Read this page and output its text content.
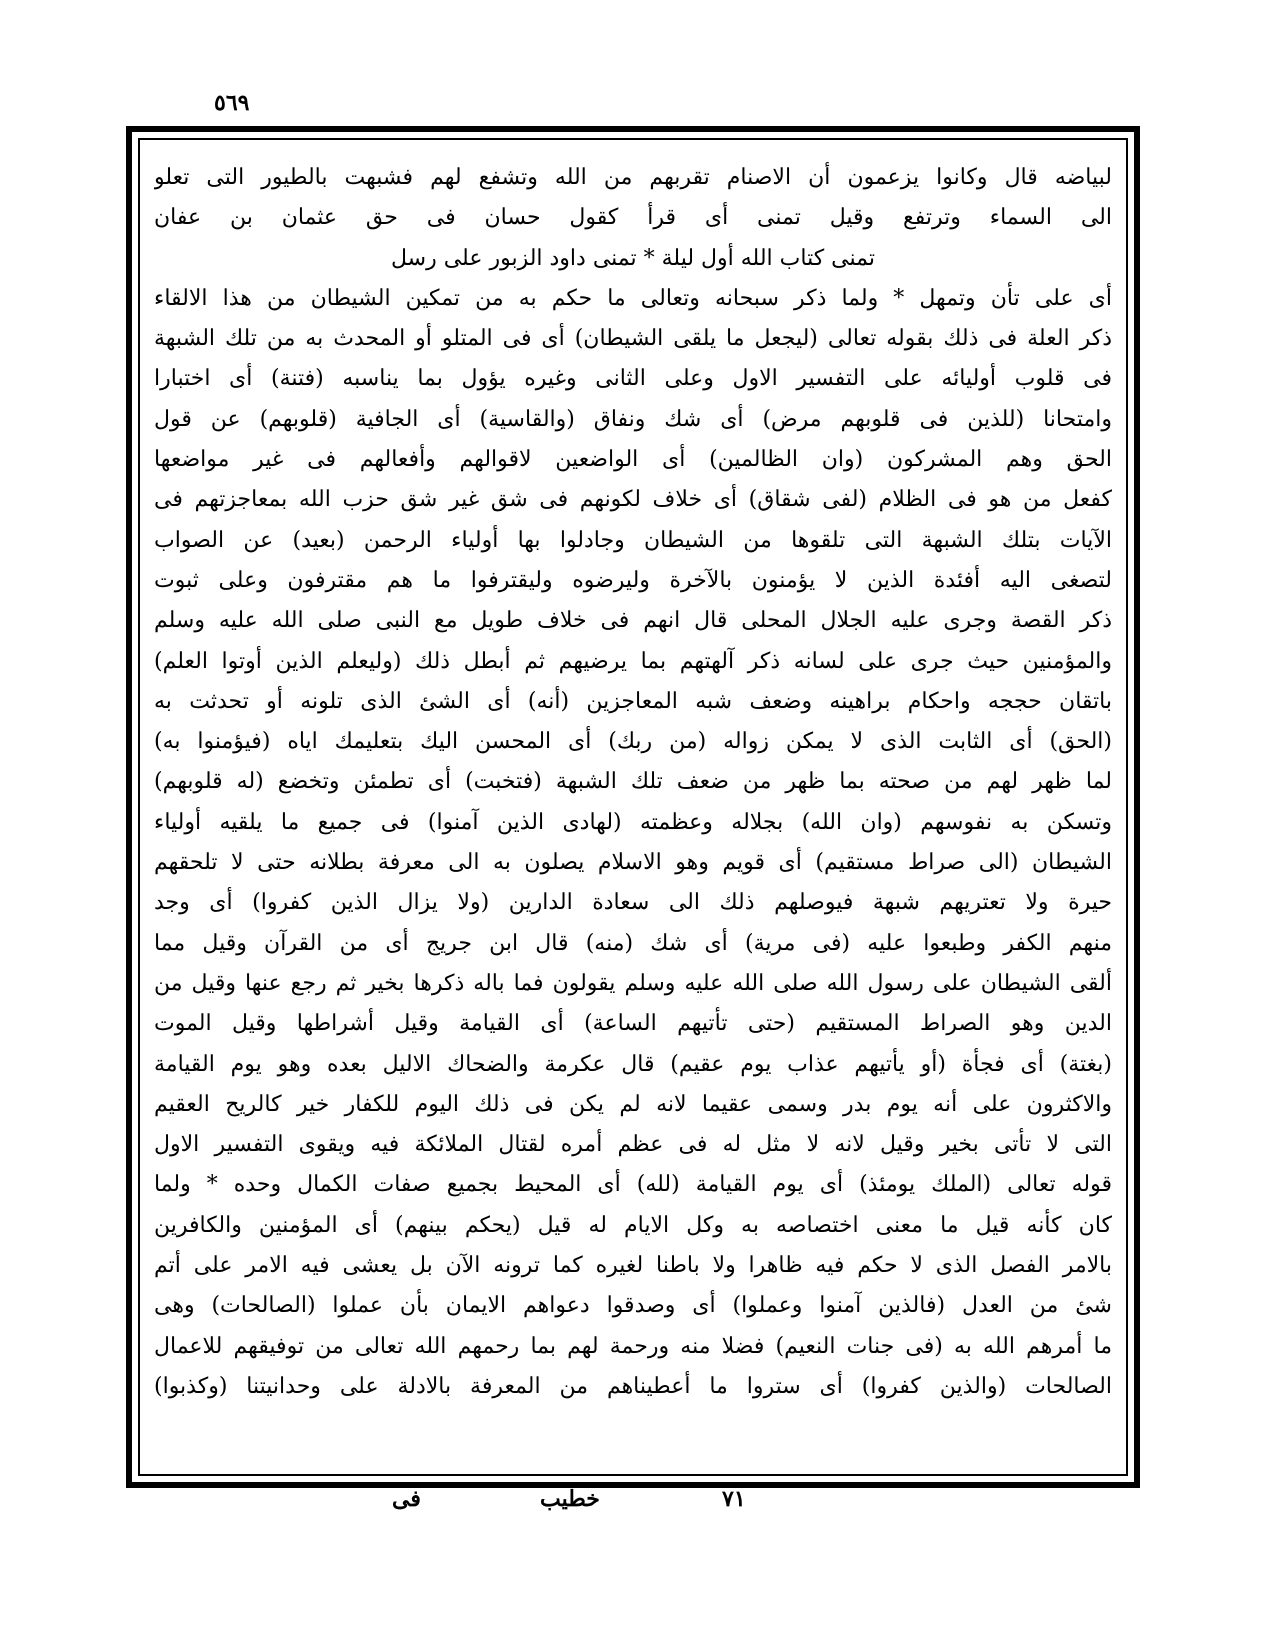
٥٦٩
لبياضه قال وكانوا يزعمون أن الاصنام تقربهم من الله وتشفع لهم فشبهت بالطيور التى تعلو
الى السماء وترتفع وقيل تمنى أى قرأ كقول حسان فى حق عثمان بن عفان
تمنى كتاب الله أول ليلة * تمنى داود الزبور على رسل
أى على تأن وتمهل * ولما ذكر سبحانه وتعالى ما حكم به من تمكين الشيطان من هذا الالقاء
ذكر العلة فى ذلك بقوله تعالى (ليجعل ما يلقى الشيطان) أى فى المتلو أو المحدث به من تلك الشبهة
فى قلوب أوليائه على التفسير الاول وعلى الثانى وغيره يؤول بما يناسبه (فتنة) أى اختبارا
وامتحانا (للذين فى قلوبهم مرض) أى شك ونفاق (والقاسية) أى الجافية (قلوبهم) عن قول
الحق وهم المشركون (وان الظالمين) أى الواضعين لاقوالهم وأفعالهم فى غير مواضعها
كفعل من هو فى الظلام (لفى شقاق) أى خلاف لكونهم فى شق غير شق حزب الله بمعاجزتهم فى
الآيات بتلك الشبهة التى تلقوها من الشيطان وجادلوا بها أولياء الرحمن (بعيد) عن الصواب
لتصغى اليه أفئدة الذين لا يؤمنون بالآخرة وليرضوه وليقترفوا ما هم مقترفون وعلى ثبوت
ذكر القصة وجرى عليه الجلال المحلى قال انهم فى خلاف طويل مع النبى صلى الله عليه وسلم
والمؤمنين حيث جرى على لسانه ذكر آلهتهم بما يرضيهم ثم أبطل ذلك (وليعلم الذين أوتوا العلم)
باتقان حججه واحكام براهينه وضعف شبه المعاجزين (أنه) أى الشئ الذى تلونه أو تحدثت به
(الحق) أى الثابت الذى لا يمكن زواله (من ربك) أى المحسن اليك بتعليمك اياه (فيؤمنوا به)
لما ظهر لهم من صحته بما ظهر من ضعف تلك الشبهة (فتخبت) أى تطمئن وتخضع (له قلوبهم)
وتسكن به نفوسهم (وان الله) بجلاله وعظمته (لهادى الذين آمنوا) فى جميع ما يلقيه أولياء
الشيطان (الى صراط مستقيم) أى قويم وهو الاسلام يصلون به الى معرفة بطلانه حتى لا تلحقهم
حيرة ولا تعتريهم شبهة فيوصلهم ذلك الى سعادة الدارين (ولا يزال الذين كفروا) أى وجد
منهم الكفر وطبعوا عليه (فى مرية) أى شك (منه) قال ابن جريج أى من القرآن وقيل مما
ألقى الشيطان على رسول الله صلى الله عليه وسلم يقولون فما باله ذكرها بخير ثم رجع عنها وقيل من
الدين وهو الصراط المستقيم (حتى تأتيهم الساعة) أى القيامة وقيل أشراطها وقيل الموت
(بغتة) أى فجأة (أو يأتيهم عذاب يوم عقيم) قال عكرمة والضحاك الاليل بعده وهو يوم القيامة
والاكثرون على أنه يوم بدر وسمى عقيما لانه لم يكن فى ذلك اليوم للكفار خير كالريح العقيم
التى لا تأتى بخير وقيل لانه لا مثل له فى عظم أمره لقتال الملائكة فيه ويقوى التفسير الاول
قوله تعالى (الملك يومئذ) أى يوم القيامة (لله) أى المحيط بجميع صفات الكمال وحده * ولما
كان كأنه قيل ما معنى اختصاصه به وكل الايام له قيل (يحكم بينهم) أى المؤمنين والكافرين
بالامر الفصل الذى لا حكم فيه ظاهرا ولا باطنا لغيره كما ترونه الآن بل يعشى فيه الامر على أتم
شئ من العدل (فالذين آمنوا وعملوا) أى وصدقوا دعواهم الايمان بأن عملوا (الصالحات) وهى
ما أمرهم الله به (فى جنات النعيم) فضلا منه ورحمة لهم بما رحمهم الله تعالى من توفيقهم للاعمال
الصالحات (والذين كفروا) أى ستروا ما أعطيناهم من المعرفة بالادلة على وحدانيتنا (وكذبوا)
فى	خطيب	٧١
